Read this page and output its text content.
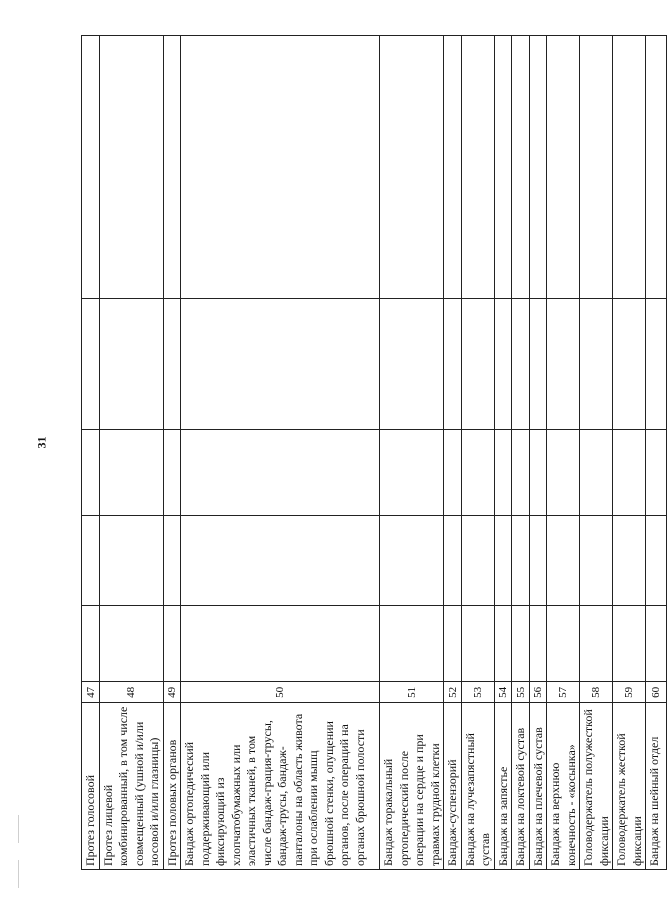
31
Протез голосовой	47					
Протез лицевой комбинированный, в том числе совмещенный (ушной и/или носовой и/или глазницы)	48					
Протез половых органов	49					
Бандаж ортопедический поддерживающий или фиксирующий из хлопчатобумажных или эластичных тканей, в том числе бандаж-грация-трусы, бандаж-трусы, бандаж-панталоны на область живота при ослаблении мышц брюшной стенки, опущении органов, после операций на органах брюшной полости	50					
Бандаж торакальный ортопедический после операции на сердце и при травмах грудной клетки	51					
Бандаж-суспензорий	52					
Бандаж на лучезапястный сустав	53					
Бандаж на запястье	54					
Бандаж на локтевой сустав	55					
Бандаж на плечевой сустав	56					
Бандаж на верхнюю конечность - «косынка»	57					
Головодержатель полужесткой фиксации	58					
Головодержатель жесткой фиксации	59					
Бандаж на шейный отдел	60					
